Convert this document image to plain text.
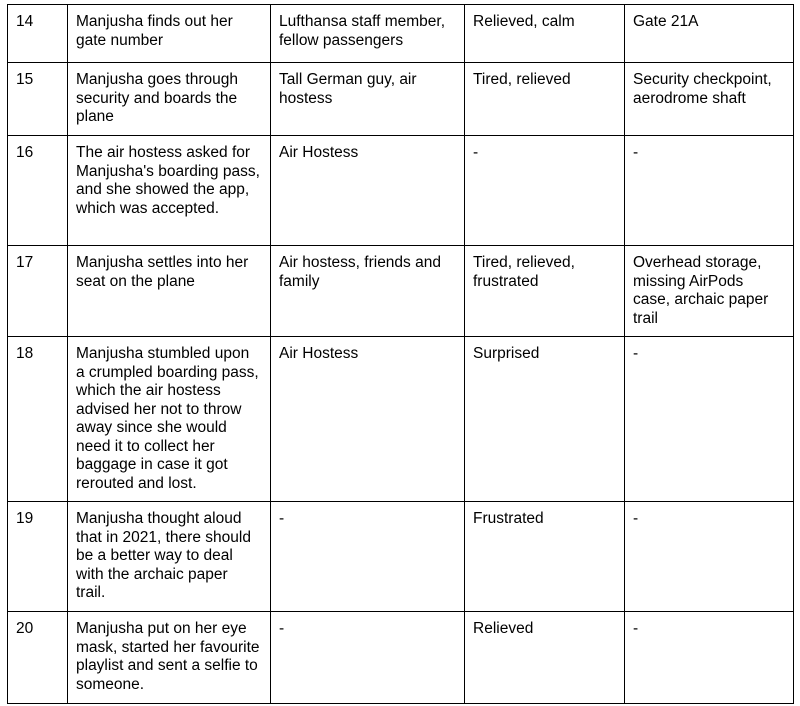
14	Manjusha finds out her gate number	Lufthansa staff member, fellow passengers	Relieved, calm	Gate 21A
15	Manjusha goes through security and boards the plane	Tall German guy, air hostess	Tired, relieved	Security checkpoint, aerodrome shaft
16	The air hostess asked for Manjusha's boarding pass, and she showed the app, which was accepted.	Air Hostess	-	-
17	Manjusha settles into her seat on the plane	Air hostess, friends and family	Tired, relieved, frustrated	Overhead storage, missing AirPods case, archaic paper trail
18	Manjusha stumbled upon a crumpled boarding pass, which the air hostess advised her not to throw away since she would need it to collect her baggage in case it got rerouted and lost.	Air Hostess	Surprised	-
19	Manjusha thought aloud that in 2021, there should be a better way to deal with the archaic paper trail.	-	Frustrated	-
20	Manjusha put on her eye mask, started her favourite playlist and sent a selfie to someone.	-	Relieved	-
